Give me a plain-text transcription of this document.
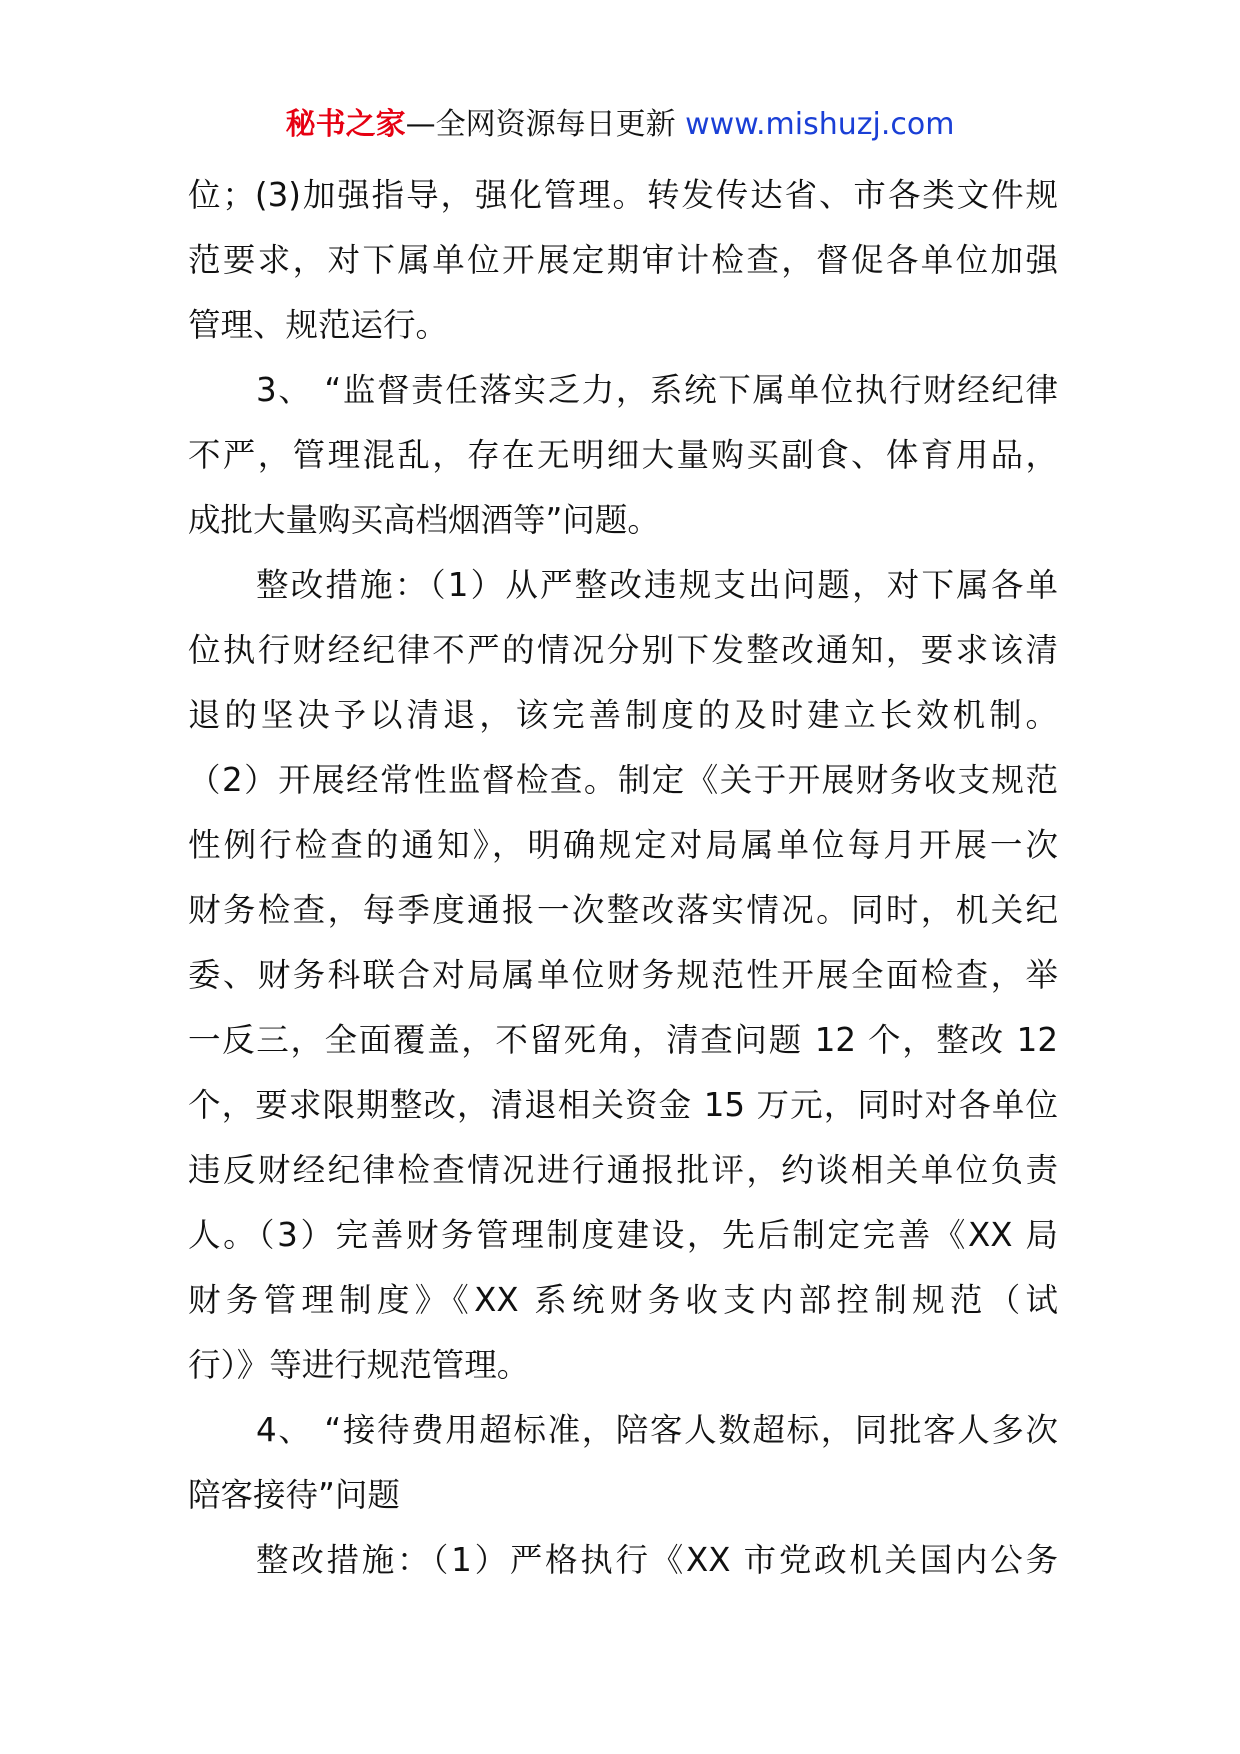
秘书之家—全网资源每日更新 www.mishuzj.com
位；(3)加强指导，强化管理。转发传达省、市各类文件规
范要求，对下属单位开展定期审计检查，督促各单位加强
管理、规范运行。
3、 “监督责任落实乏力，系统下属单位执行财经纪律
不严，管理混乱，存在无明细大量购买副食、体育用品，
成批大量购买高档烟酒等”问题。
整改措施：（1）从严整改违规支出问题，对下属各单
位执行财经纪律不严的情况分别下发整改通知，要求该清
退的坚决予以清退，该完善制度的及时建立长效机制。
（2）开展经常性监督检查。制定《关于开展财务收支规范
性例行检查的通知》，明确规定对局属单位每月开展一次
财务检查，每季度通报一次整改落实情况。同时，机关纪
委、财务科联合对局属单位财务规范性开展全面检查，举
一反三，全面覆盖，不留死角，清查问题 12 个，整改 12
个，要求限期整改，清退相关资金 15 万元，同时对各单位
违反财经纪律检查情况进行通报批评，约谈相关单位负责
人。（3）完善财务管理制度建设，先后制定完善《XX 局
财务管理制度》《XX 系统财务收支内部控制规范（试
行）》等进行规范管理。
4、 “接待费用超标准，陪客人数超标，同批客人多次
陪客接待”问题
整改措施：（1）严格执行《XX 市党政机关国内公务
